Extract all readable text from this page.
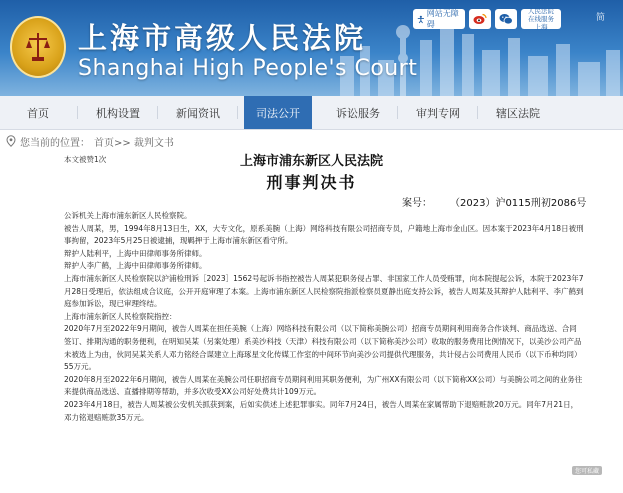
上海市高级人民法院
Shanghai High People's Court
网站无障碍
人民法院在线服务上海
简
首页	机构设置	新闻资讯	司法公开	诉讼服务	审判专网	辖区法院
您当前的位置： 首页>> 裁判文书
本文被赞1次	上海市浦东新区人民法院
刑事判决书
案号： （2023）沪0115刑初2086号

公诉机关上海市浦东新区人民检察院。

被告人周某，男，1994年8月13日生，XX，大专文化，原系美腕（上海）网络科技有限公司招商专员，户籍地上海市金山区。因本案于2023年4月18日被刑事拘留，2023年5月25日被逮捕，现羁押于上海市浦东新区看守所。

辩护人陆利平，上海中田律师事务所律师。

辩护人李广鹤，上海中田律师事务所律师。

上海市浦东新区人民检察院以沪浦检刑诉［2023］1562号起诉书指控被告人周某犯职务侵占罪、非国家工作人员受贿罪，向本院提起公诉，本院于2023年7月28日受理后，依法组成合议庭，公开开庭审理了本案。上海市浦东新区人民检察院指派检察员夏静出庭支持公诉，被告人周某及其辩护人陆利平、李广鹤到庭参加诉讼，现已审理终结。

上海市浦东新区人民检察院指控：

2020年7月至2022年9月期间，被告人周某在担任美腕（上海）网络科技有限公司（以下简称美腕公司）招商专员期间利用商务合作谈判、商品选送、合同签订、排期沟通的职务便利，在明知吴某（另案处理）系美沙科技（天津）科技有限公司（以下简称美沙公司）收取的服务费用比例情况下，以美沙公司产品未被选上为由，伙同吴某关系人邓力铭经合谋建立上海琢星文化传媒工作室的中间环节向美沙公司提供代理服务，共计侵占公司费用人民币（以下币种均同）55万元。

2020年8月至2022年6月期间，被告人周某在美腕公司任职招商专员期间利用其职务便利，为广州XX有限公司（以下简称XX公司）与美腕公司之间的业务往来提供商品选送、直播排期等帮助，并多次收受XX公司好处费共计109万元。

2023年4月18日，被告人周某被公安机关抓获到案，后如实供述上述犯罪事实。同年7月24日，被告人周某在家属帮助下退赔赃款20万元。同年7月21日，邓力铭退赔赃款35万元。

您可私藏
